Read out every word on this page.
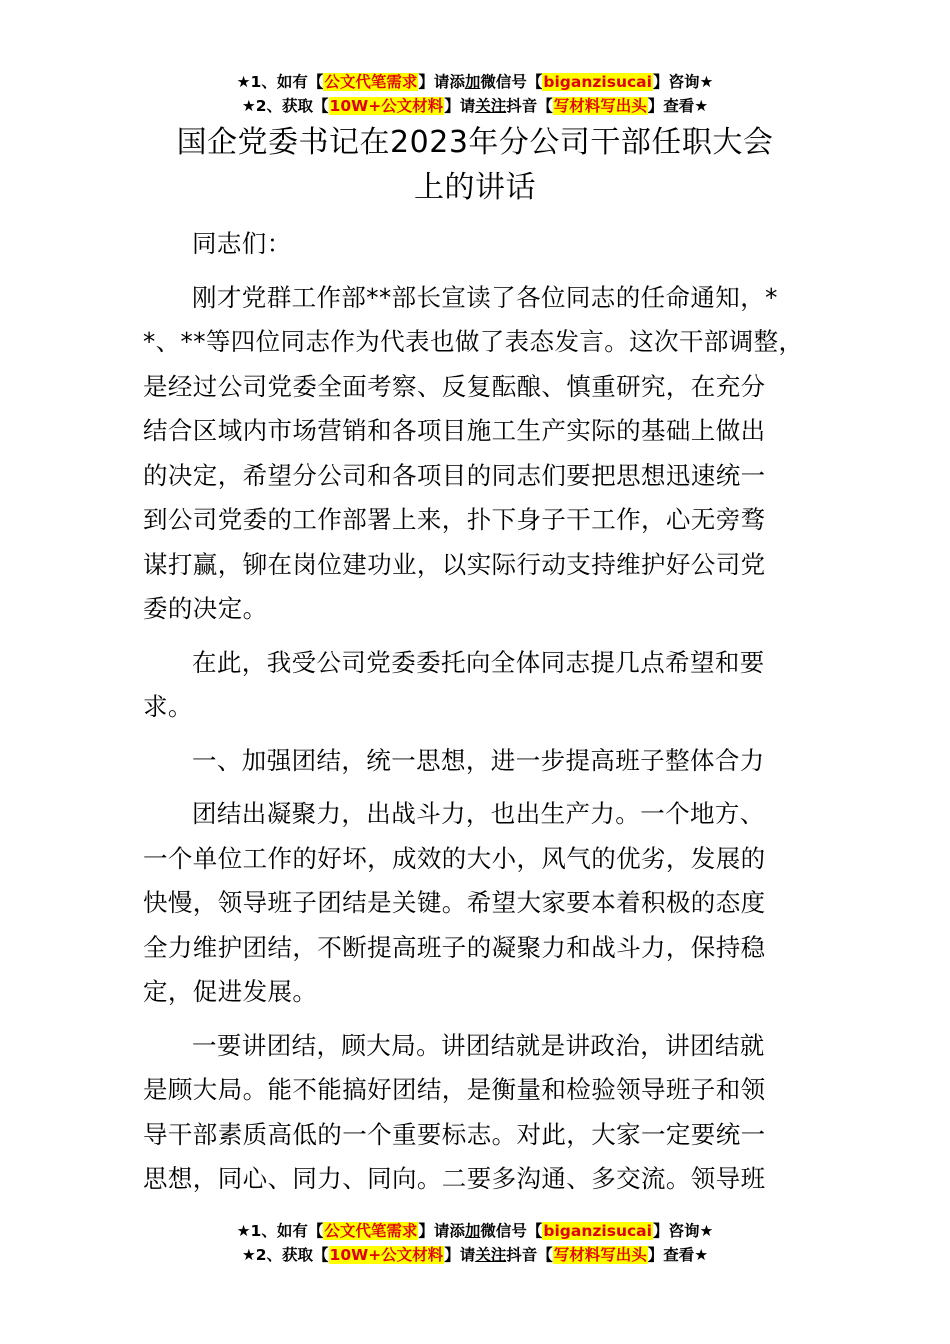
★1、如有【公文代笔需求】请添加微信号【biganzisucai】咨询★
★2、获取【10W+公文材料】请关注抖音【写材料写出头】查看★
国企党委书记在2023年分公司干部任职大会
上的讲话

同志们：

刚才党群工作部**部长宣读了各位同志的任命通知，*
*、**等四位同志作为代表也做了表态发言。这次干部调整，
是经过公司党委全面考察、反复酝酿、慎重研究，在充分
结合区域内市场营销和各项目施工生产实际的基础上做出
的决定，希望分公司和各项目的同志们要把思想迅速统一
到公司党委的工作部署上来，扑下身子干工作，心无旁骛
谋打赢，铆在岗位建功业，以实际行动支持维护好公司党
委的决定。

在此，我受公司党委委托向全体同志提几点希望和要
求。

一、加强团结，统一思想，进一步提高班子整体合力

团结出凝聚力，出战斗力，也出生产力。一个地方、
一个单位工作的好坏，成效的大小，风气的优劣，发展的
快慢，领导班子团结是关键。希望大家要本着积极的态度
全力维护团结，不断提高班子的凝聚力和战斗力，保持稳
定，促进发展。

一要讲团结，顾大局。讲团结就是讲政治，讲团结就
是顾大局。能不能搞好团结，是衡量和检验领导班子和领
导干部素质高低的一个重要标志。对此，大家一定要统一
思想，同心、同力、同向。二要多沟通、多交流。领导班

★1、如有【公文代笔需求】请添加微信号【biganzisucai】咨询★
★2、获取【10W+公文材料】请关注抖音【写材料写出头】查看★
